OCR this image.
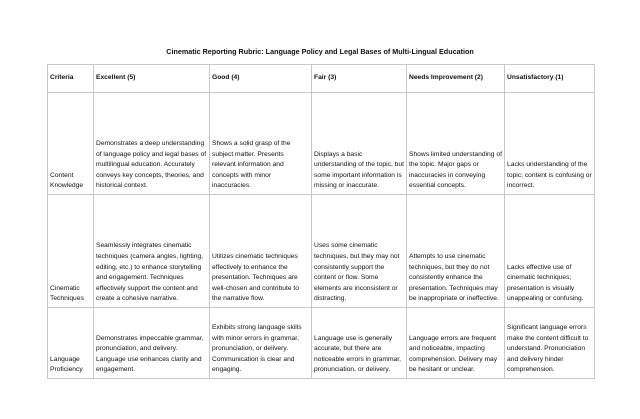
Cinematic Reporting Rubric: Language Policy and Legal Bases of Multi-Lingual Education
Criteria	Excellent (5)	Good (4)	Fair (3)	Needs Improvement (2)	Unsatisfactory (1)
Content Knowledge	Demonstrates a deep understanding of language policy and legal bases of multilingual education. Accurately conveys key concepts, theories, and historical context.	Shows a solid grasp of the subject matter. Presents relevant information and concepts with minor inaccuracies.	Displays a basic understanding of the topic, but some important information is missing or inaccurate.	Shows limited understanding of the topic. Major gaps or inaccuracies in conveying essential concepts.	Lacks understanding of the topic; content is confusing or incorrect.
Cinematic Techniques	Seamlessly integrates cinematic techniques (camera angles, lighting, editing, etc.) to enhance storytelling and engagement. Techniques effectively support the content and create a cohesive narrative.	Utilizes cinematic techniques effectively to enhance the presentation. Techniques are well-chosen and contribute to the narrative flow.	Uses some cinematic techniques, but they may not consistently support the content or flow. Some elements are inconsistent or distracting.	Attempts to use cinematic techniques, but they do not consistently enhance the presentation. Techniques may be inappropriate or ineffective.	Lacks effective use of cinematic techniques; presentation is visually unappealing or confusing.
Language Proficiency	Demonstrates impeccable grammar, pronunciation, and delivery. Language use enhances clarity and engagement.	Exhibits strong language skills with minor errors in grammar, pronunciation, or delivery. Communication is clear and engaging.	Language use is generally accurate, but there are noticeable errors in grammar, pronunciation, or delivery.	Language errors are frequent and noticeable, impacting comprehension. Delivery may be hesitant or unclear.	Significant language errors make the content difficult to understand. Pronunciation and delivery hinder comprehension.
